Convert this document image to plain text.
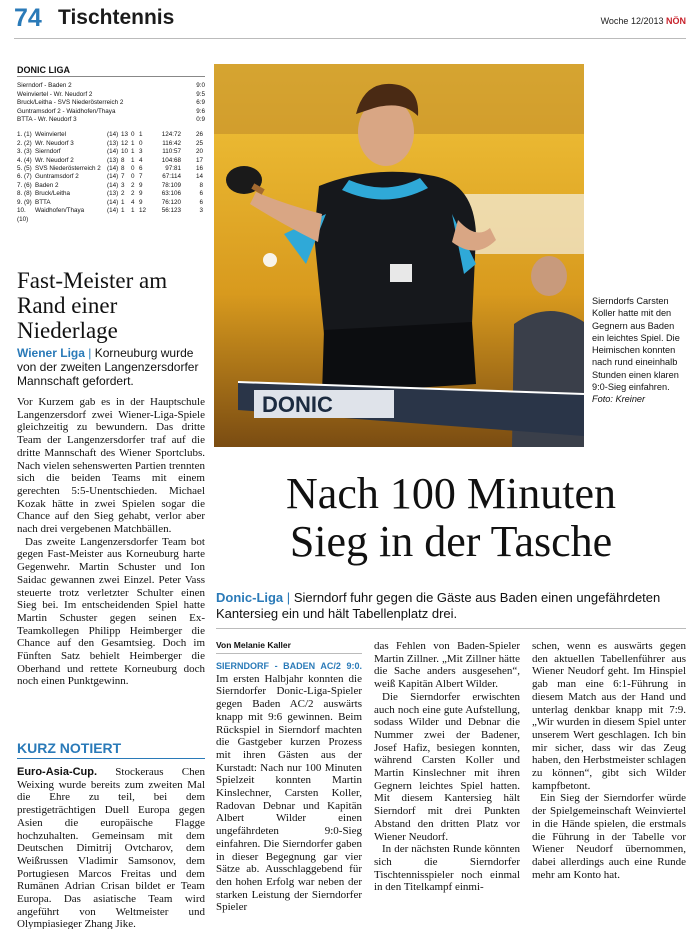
74 Tischtennis	Woche 12/2013 NÖN
DONIC LIGA
Sierndorf - Baden 2	9:0
Weinviertel - Wr. Neudorf 2	9:5
Bruck/Leitha - SVS Niederösterreich 2	6:9
Guntramsdorf 2 - Waidhofen/Thaya	9:6
BTTA - Wr. Neudorf 3	0:9
1. (1) Weinviertel	(14) 13 0 1	124:72	26
2. (2) Wr. Neudorf 3	(13) 12 1 0	116:42	25
3. (3) Sierndorf	(14) 10 1 3	110:57	20
4. (4) Wr. Neudorf 2	(13) 8	1 4	104:68	17
5. (5) SVS Niederösterreich 2 (14) 8	0 6	97:81	16
6. (7) Guntramsdorf 2	(14) 7	0 7	67:114	14
7. (6) Baden 2	(14) 3	2 9	78:109	8
8. (8) Bruck/Leitha	(13) 2	2 9	63:106	6
9. (9) BTTA	(14) 1	4 9	76:120	6
10. (10)
Waidhofen/Thaya	(14) 1	1 12	56:123	3
DONIC
Sierndorfs Carsten Koller hatte mit den Gegnern aus Baden ein leichtes Spiel. Die Heimischen konnten nach rund eineinhalb Stunden einen klaren 9:0-Sieg einfahren. Foto: Kreiner
Fast-Meister am Rand einer Niederlage
Wiener Liga | Korneuburg wurde von der zweiten Langenzersdorfer Mannschaft gefordert.

Vor Kurzem gab es in der Hauptschule Langenzersdorf zwei Wiener-Liga-Spiele gleichzeitig zu bewundern. Das dritte Team der Langenzersdorfer traf auf die dritte Mannschaft des Wiener Sportclubs. Nach vielen sehenswerten Partien trennten sich die beiden Teams mit einem gerechten 5:5-Unentschieden. Michael Kozak hätte in zwei Spielen sogar die Chance auf den Sieg gehabt, verlor aber nach drei vergebenen Matchbällen.

Das zweite Langenzersdorfer Team bot gegen Fast-Meister aus Korneuburg harte Gegenwehr. Martin Schuster und Ion Saidac gewannen zwei Einzel. Peter Vass steuerte trotz verletzter Schulter einen Sieg bei. Im entscheidenden Spiel hatte Martin Schuster gegen seinen Ex-Teamkollegen Philipp Heimberger die Chance auf den Gesamtsieg. Doch im Fünften Satz behielt Heimberger die Oberhand und rettete Korneuburg doch noch einen Punktgewinn.

KURZ NOTIERT
Euro-Asia-Cup. Stockeraus Chen Weixing wurde bereits zum zweiten Mal die Ehre zu teil, bei dem prestigeträchtigen Duell Europa gegen Asien die europäische Flagge hochzuhalten. Gemeinsam mit dem Deutschen Dimitrij Ovtcharov, dem Weißrussen Vladimir Samsonov, dem Portugiesen Marcos Freitas und dem Rumänen Adrian Crisan bildet er Team Europa. Das asiatische Team wird angeführt von Weltmeister und Olympiasieger Zhang Jike.
Nach 100 Minuten
Sieg in der Tasche
Donic-Liga | Sierndorf fuhr gegen die Gäste aus Baden einen ungefährdeten Kantersieg ein und hält Tabellenplatz drei.
Von Melanie Kaller

SIERNDORF - BADEN AC/2 9:0. Im ersten Halbjahr konnten die Sierndorfer Donic-Liga-Spieler gegen Baden AC/2 auswärts knapp mit 9:6 gewinnen. Beim Rückspiel in Sierndorf machten die Gastgeber kurzen Prozess mit ihren Gästen aus der Kurstadt: Nach nur 100 Minuten Spielzeit konnten Martin Kinslechner, Carsten Koller, Radovan Debnar und Kapitän Albert Wilder einen ungefährdeten 9:0-Sieg einfahren. Die Sierndorfer gaben in dieser Begegnung gar vier Sätze ab. Ausschlaggebend für den hohen Erfolg war neben der starken Leistung der Sierndorfer Spieler

das Fehlen von Baden-Spieler Martin Zillner. „Mit Zillner hätte die Sache anders ausgesehen“, weiß Kapitän Albert Wilder.

Die Sierndorfer erwischten auch noch eine gute Aufstellung, sodass Wilder und Debnar die Nummer zwei der Badener, Josef Hafiz, besiegen konnten, während Carsten Koller und Martin Kinslechner mit ihren Gegnern leichtes Spiel hatten. Mit diesem Kantersieg hält Sierndorf mit drei Punkten Abstand den dritten Platz vor Wiener Neudorf.

In der nächsten Runde könnten sich die Sierndorfer Tischtennisspieler noch einmal in den Titelkampf einmi-

schen, wenn es auswärts gegen den aktuellen Tabellenführer aus Wiener Neudorf geht. Im Hinspiel gab man eine 6:1-Führung in diesem Match aus der Hand und unterlag denkbar knapp mit 7:9. „Wir wurden in diesem Spiel unter unserem Wert geschlagen. Ich bin mir sicher, dass wir das Zeug haben, den Herbstmeister schlagen zu können“, gibt sich Wilder kampfbetont.

Ein Sieg der Sierndorfer würde der Spielgemeinschaft Weinviertel in die Hände spielen, die erstmals die Führung in der Tabelle vor Wiener Neudorf übernommen, dabei allerdings auch eine Runde mehr am Konto hat.
